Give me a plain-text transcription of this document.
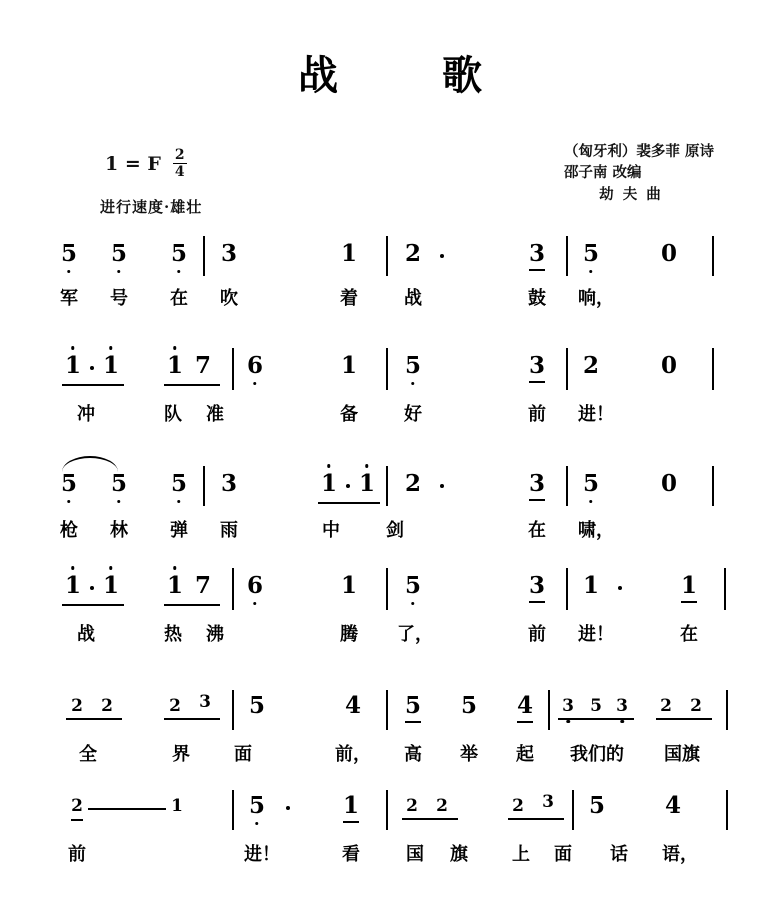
战　歌
1 = F $\frac{2}{4}$
进行速度·雄壮
（匈牙利）裴多菲 原诗
邵子南 改编
劫 夫 曲
5 5 5 3	1 2	3 5	0
军	号	在	吹	着	战	鼓	响，
1 1 1 7 6	1 5	3 2	0
冲	队	准	备	好	前	进！
5 5 5 3	1 1 2	3 5	0
枪	林	弹	雨	中	剑	在	啸，
1 1 1 7 6	1 5	3 1	1
战	热	沸	腾	了，	前	进！	在
2 2	2 3 5	4 5 5 4 3 5 3 2 2
全	界	面	前，	高	举	起	我们的	国旗
2	1	5	1	2 2	2 3 5	4
前	进！	看	国	旗	上	面	话	语，
